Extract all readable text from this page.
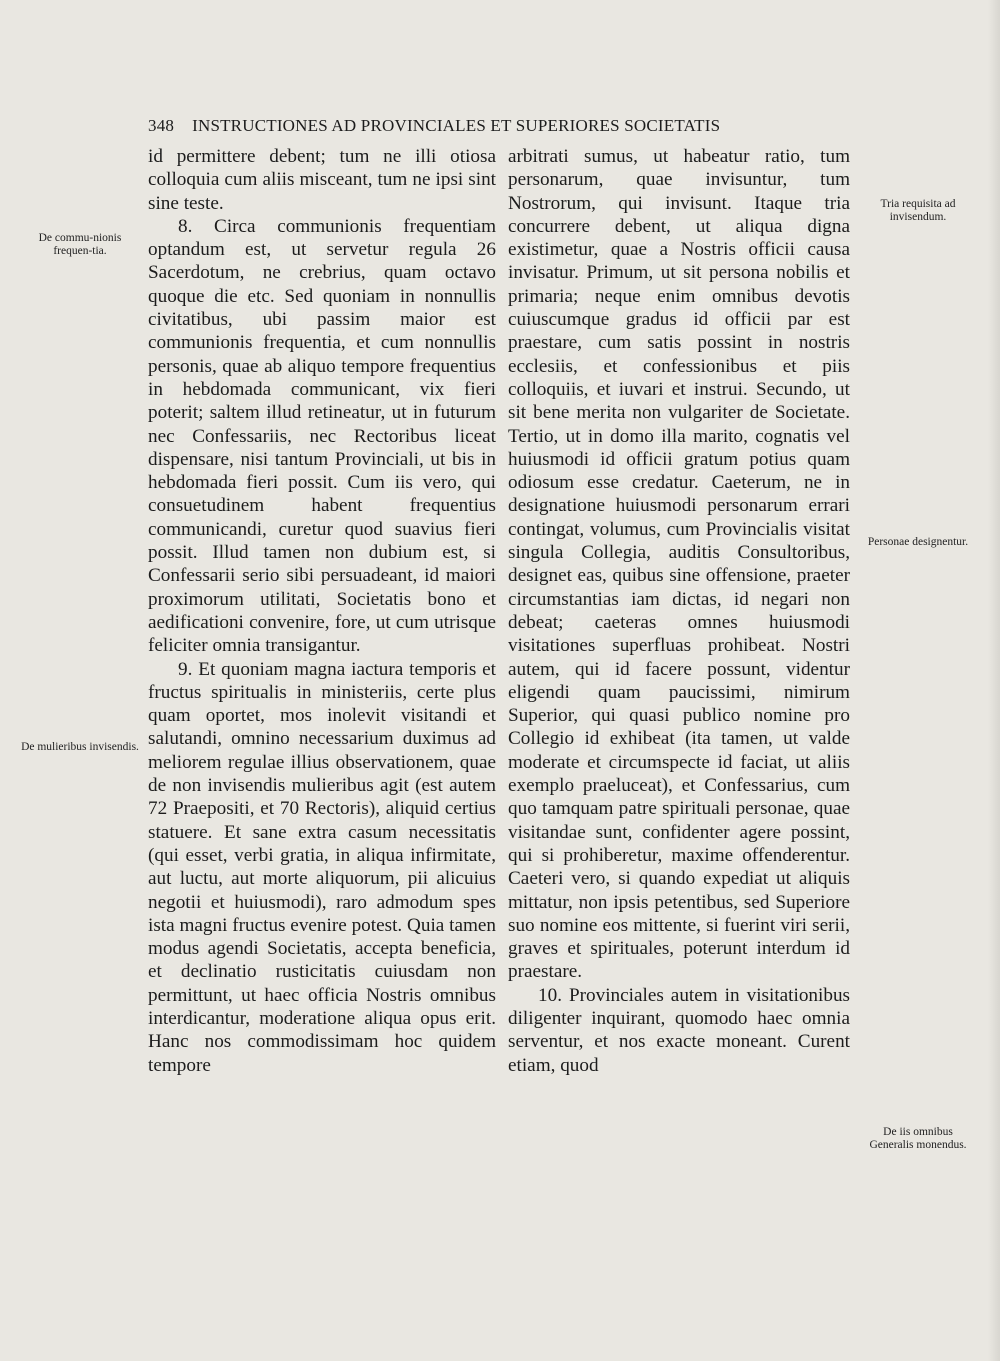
348 INSTRUCTIONES AD PROVINCIALES ET SUPERIORES SOCIETATIS

id permittere debent; tum ne illi otiosa colloquia cum aliis misceant, tum ne ipsi sint sine teste.

8. Circa communionis frequentiam optandum est, ut servetur regula 26 Sacerdotum, ne crebrius, quam octavo quoque die etc. Sed quoniam in nonnullis civitatibus, ubi passim maior est communionis frequentia, et cum nonnullis personis, quae ab aliquo tempore frequentius in hebdomada communicant, vix fieri poterit; saltem illud retineatur, ut in futurum nec Confessariis, nec Rectoribus liceat dispensare, nisi tantum Provinciali, ut bis in hebdomada fieri possit. Cum iis vero, qui consuetudinem habent frequentius communicandi, curetur quod suavius fieri possit. Illud tamen non dubium est, si Confessarii serio sibi persuadeant, id maiori proximorum utilitati, Societatis bono et aedificationi convenire, fore, ut cum utrisque feliciter omnia transigantur.

9. Et quoniam magna iactura temporis et fructus spiritualis in ministeriis, certe plus quam oportet, mos inolevit visitandi et salutandi, omnino necessarium duximus ad meliorem regulae illius observationem, quae de non invisendis mulieribus agit (est autem 72 Praepositi, et 70 Rectoris), aliquid certius statuere. Et sane extra casum necessitatis (qui esset, verbi gratia, in aliqua infirmitate, aut luctu, aut morte aliquorum, pii alicuius negotii et huiusmodi), raro admodum spes ista magni fructus evenire potest. Quia tamen modus agendi Societatis, accepta beneficia, et declinatio rusticitatis cuiusdam non permittunt, ut haec officia Nostris omnibus interdicantur, moderatione aliqua opus erit. Hanc nos commodissimam hoc quidem tempore

arbitrati sumus, ut habeatur ratio, tum personarum, quae invisuntur, tum Nostrorum, qui invisunt. Itaque tria concurrere debent, ut aliqua digna existimetur, quae a Nostris officii causa invisatur. Primum, ut sit persona nobilis et primaria; neque enim omnibus devotis cuiuscumque gradus id officii par est praestare, cum satis possint in nostris ecclesiis, et confessionibus et piis colloquiis, et iuvari et instrui. Secundo, ut sit bene merita non vulgariter de Societate. Tertio, ut in domo illa marito, cognatis vel huiusmodi id officii gratum potius quam odiosum esse credatur. Caeterum, ne in designatione huiusmodi personarum errari contingat, volumus, cum Provincialis visitat singula Collegia, auditis Consultoribus, designet eas, quibus sine offensione, praeter circumstantias iam dictas, id negari non debeat; caeteras omnes huiusmodi visitationes superfluas prohibeat. Nostri autem, qui id facere possunt, videntur eligendi quam paucissimi, nimirum Superior, qui quasi publico nomine pro Collegio id exhibeat (ita tamen, ut valde moderate et circumspecte id faciat, ut aliis exemplo praeluceat), et Confessarius, cum quo tamquam patre spirituali personae, quae visitandae sunt, confidenter agere possint, qui si prohiberetur, maxime offenderentur. Caeteri vero, si quando expediat ut aliquis mittatur, non ipsis petentibus, sed Superiore suo nomine eos mittente, si fuerint viri serii, graves et spirituales, poterunt interdum id praestare.

10. Provinciales autem in visitationibus diligenter inquirant, quomodo haec omnia serventur, et nos exacte moneant. Curent etiam, quod

De commu-nionis frequen-tia.
De mulieribus invisendis.
Tria requisita ad invisendum.
Personae designentur.
De iis omnibus Generalis monendus.
